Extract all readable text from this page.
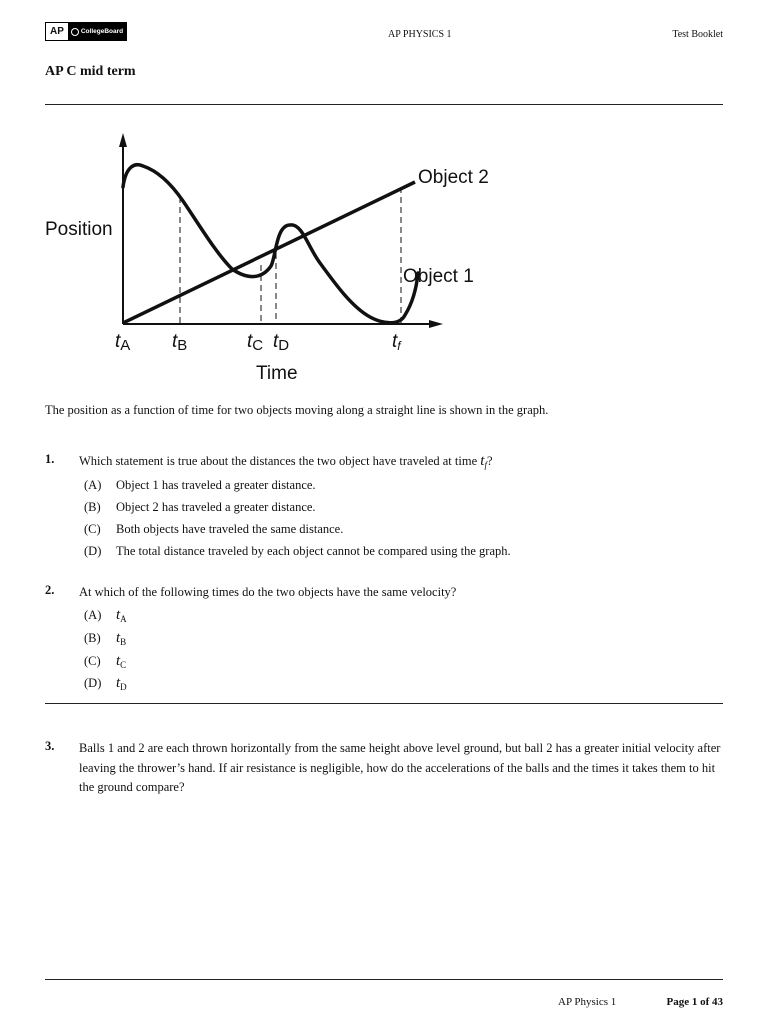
AP	CollegeBoard	AP PHYSICS 1	Test Booklet
AP C mid term
Position
Time
Object 2
Object 1
tA tB	tC tD	tf
The position as a function of time for two objects moving along a straight line is shown in the graph.
1. Which statement is true about the distances the two object have traveled at time $t_f$?
(A) Object 1 has traveled a greater distance.
(B) Object 2 has traveled a greater distance.
(C) Both objects have traveled the same distance.
(D) The total distance traveled by each object cannot be compared using the graph.
2. At which of the following times do the two objects have the same velocity?
(A) $t_A$
(B) $t_B$
(C) $t_C$
(D) $t_D$
3. Balls 1 and 2 are each thrown horizontally from the same height above level ground, but ball 2 has a greater initial velocity after leaving the thrower’s hand. If air resistance is negligible, how do the accelerations of the balls and the times it takes them to hit the ground compare?
AP Physics 1	Page 1 of 43
